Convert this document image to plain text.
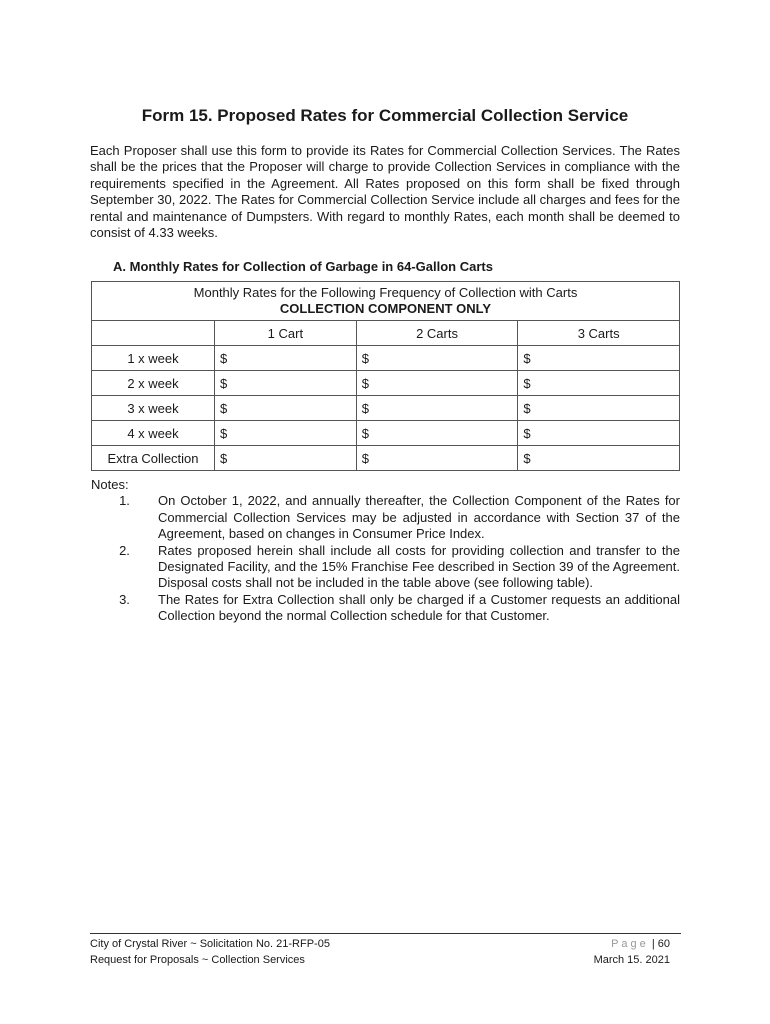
Form 15. Proposed Rates for Commercial Collection Service

Each Proposer shall use this form to provide its Rates for Commercial Collection Services. The Rates shall be the prices that the Proposer will charge to provide Collection Services in compliance with the requirements specified in the Agreement. All Rates proposed on this form shall be fixed through September 30, 2022. The Rates for Commercial Collection Service include all charges and fees for the rental and maintenance of Dumpsters. With regard to monthly Rates, each month shall be deemed to consist of 4.33 weeks.

A. Monthly Rates for Collection of Garbage in 64-Gallon Carts
Monthly Rates for the Following Frequency of Collection with Carts
COLLECTION COMPONENT ONLY			

	1 Cart	2 Carts	3 Carts
1 x week	$	$	$
2 x week	$	$	$
3 x week	$	$	$
4 x week	$	$	$
Extra Collection	$	$	$
Notes:
1.	On October 1, 2022, and annually thereafter, the Collection Component of the Rates for Commercial Collection Services may be adjusted in accordance with Section 37 of the Agreement, based on changes in Consumer Price Index.
2.	Rates proposed herein shall include all costs for providing collection and transfer to the Designated Facility, and the 15% Franchise Fee described in Section 39 of the Agreement. Disposal costs shall not be included in the table above (see following table).
3.	The Rates for Extra Collection shall only be charged if a Customer requests an additional Collection beyond the normal Collection schedule for that Customer.
City of Crystal River ~ Solicitation No. 21-RFP-05
Request for Proposals ~ Collection Services
Page | 60
March 15. 2021
